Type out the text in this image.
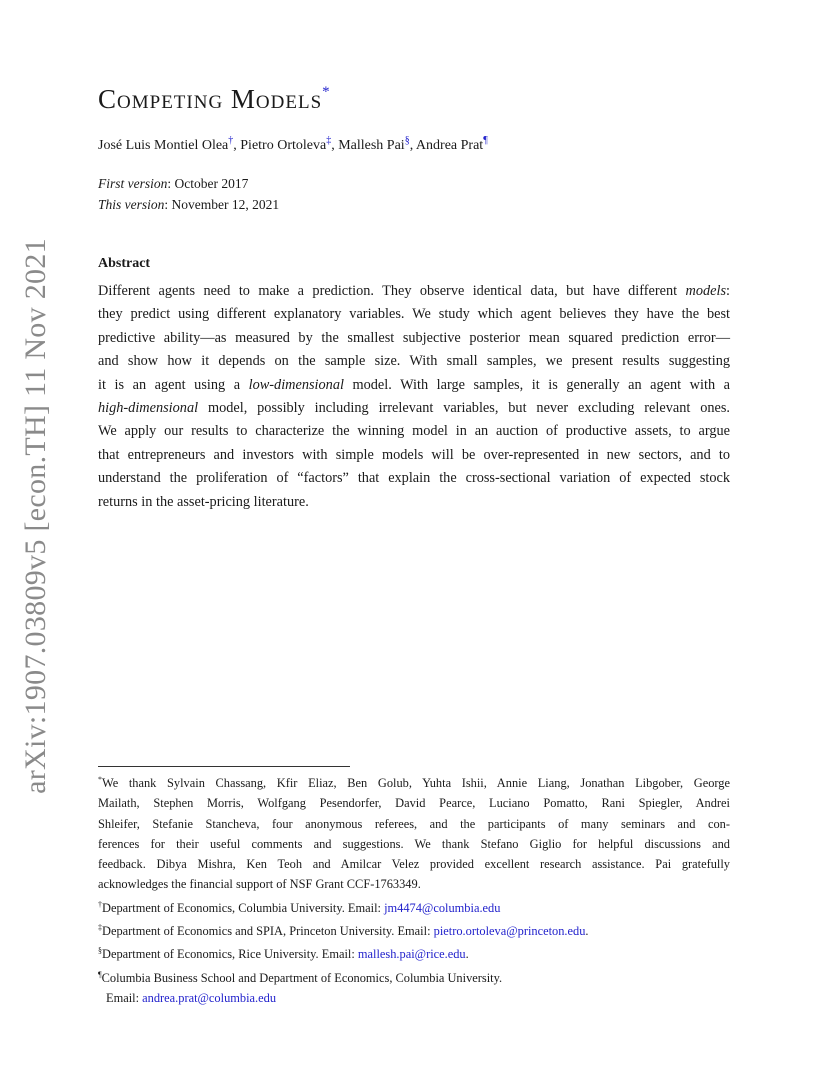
arXiv:1907.03809v5 [econ.TH] 11 Nov 2021
Competing Models*
José Luis Montiel Olea†, Pietro Ortoleva‡, Mallesh Pai§, Andrea Prat¶
First version: October 2017
This version: November 12, 2021
Abstract
Different agents need to make a prediction. They observe identical data, but have different models:
they predict using different explanatory variables. We study which agent believes they have the best
predictive ability—as measured by the smallest subjective posterior mean squared prediction error—
and show how it depends on the sample size. With small samples, we present results suggesting
it is an agent using a low-dimensional model. With large samples, it is generally an agent with a
high-dimensional model, possibly including irrelevant variables, but never excluding relevant ones.
We apply our results to characterize the winning model in an auction of productive assets, to argue
that entrepreneurs and investors with simple models will be over-represented in new sectors, and to
understand the proliferation of “factors” that explain the cross-sectional variation of expected stock
returns in the asset-pricing literature.
*We thank Sylvain Chassang, Kfir Eliaz, Ben Golub, Yuhta Ishii, Annie Liang, Jonathan Libgober, George
Mailath, Stephen Morris, Wolfgang Pesendorfer, David Pearce, Luciano Pomatto, Rani Spiegler, Andrei
Shleifer, Stefanie Stancheva, four anonymous referees, and the participants of many seminars and con-
ferences for their useful comments and suggestions. We thank Stefano Giglio for helpful discussions and
feedback. Dibya Mishra, Ken Teoh and Amilcar Velez provided excellent research assistance. Pai gratefully
acknowledges the financial support of NSF Grant CCF-1763349.
†Department of Economics, Columbia University. Email: jm4474@columbia.edu
‡Department of Economics and SPIA, Princeton University. Email: pietro.ortoleva@princeton.edu.
§Department of Economics, Rice University. Email: mallesh.pai@rice.edu.
¶Columbia Business School and Department of Economics, Columbia University.
Email: andrea.prat@columbia.edu
